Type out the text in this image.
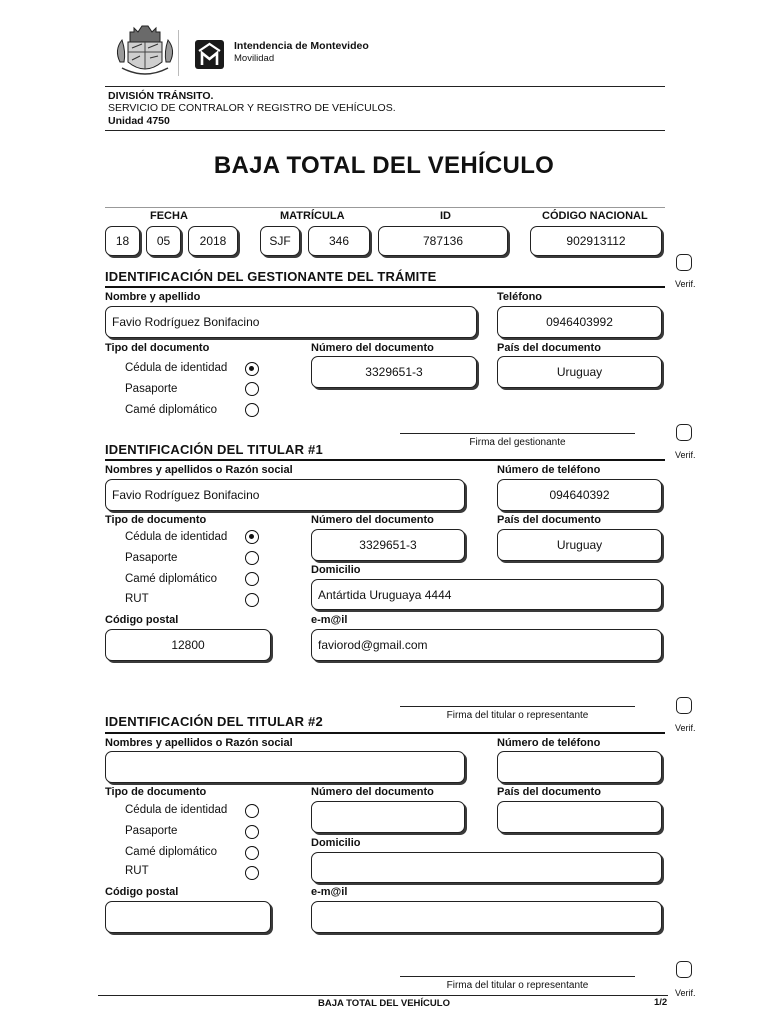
Intendencia de Montevideo
Movilidad
DIVISIÓN TRÁNSITO.
SERVICIO DE CONTRALOR Y REGISTRO DE VEHÍCULOS.
Unidad 4750
BAJA TOTAL DEL VEHÍCULO
FECHA	MATRÍCULA	ID	CÓDIGO NACIONAL
18	05	2018	SJF	346	787136	902913112
Verif.
IDENTIFICACIÓN DEL GESTIONANTE DEL TRÁMITE
Nombre y apellido	Teléfono
Favio Rodríguez Bonifacino	0946403992
Tipo del documento	Número del documento	País del documento
Cédula de identidad
Pasaporte
Camé diplomático
3329651-3	Uruguay
Firma del gestionante
Verif.
IDENTIFICACIÓN DEL TITULAR #1
Nombres y apellidos o Razón social	Número de teléfono
Favio Rodríguez Bonifacino	094640392
Tipo de documento	Número del documento	País del documento
Cédula de identidad
Pasaporte
Camé diplomático
RUT
3329651-3	Uruguay
Domicilio
Antártida Uruguaya 4444
Código postal	e-m@il
12800	faviorod@gmail.com
Firma del titular o representante
Verif.
IDENTIFICACIÓN DEL TITULAR #2
Nombres y apellidos o Razón social	Número de teléfono
Tipo de documento	Número del documento	País del documento
Cédula de identidad
Pasaporte
Camé diplomático
RUT
Domicilio
Código postal	e-m@il
Firma del titular o representante
Verif.
BAJA TOTAL DEL VEHÍCULO	1/2
